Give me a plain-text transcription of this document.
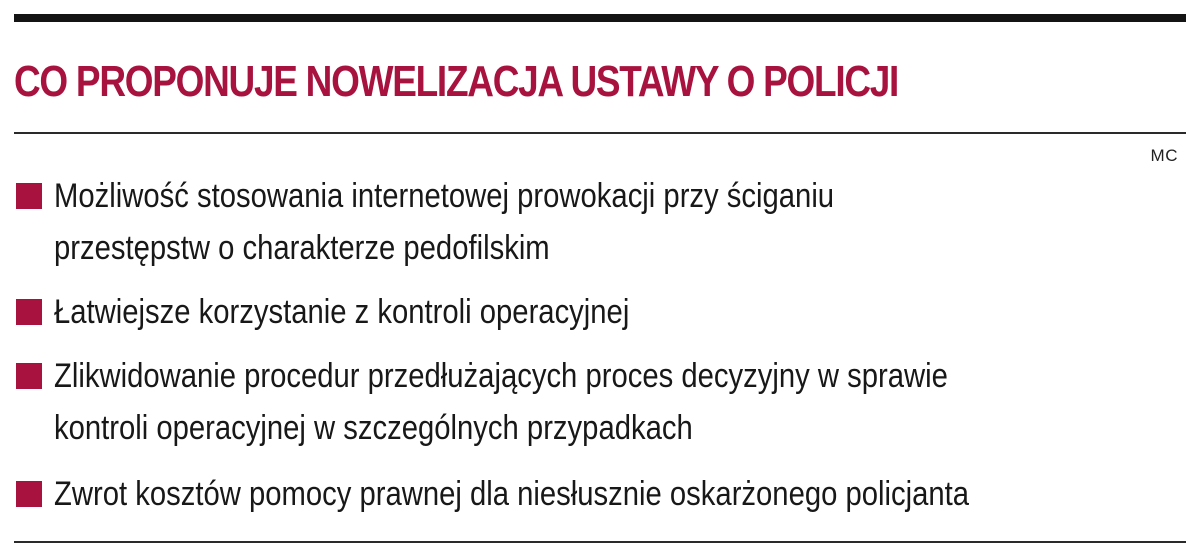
CO PROPONUJE NOWELIZACJA USTAWY O POLICJI
MC
Możliwość stosowania internetowej prowokacji przy ściganiu
przestępstw o charakterze pedofilskim
Łatwiejsze korzystanie z kontroli operacyjnej
Zlikwidowanie procedur przedłużających proces decyzyjny w sprawie
kontroli operacyjnej w szczególnych przypadkach
Zwrot kosztów pomocy prawnej dla niesłusznie oskarżonego policjanta
